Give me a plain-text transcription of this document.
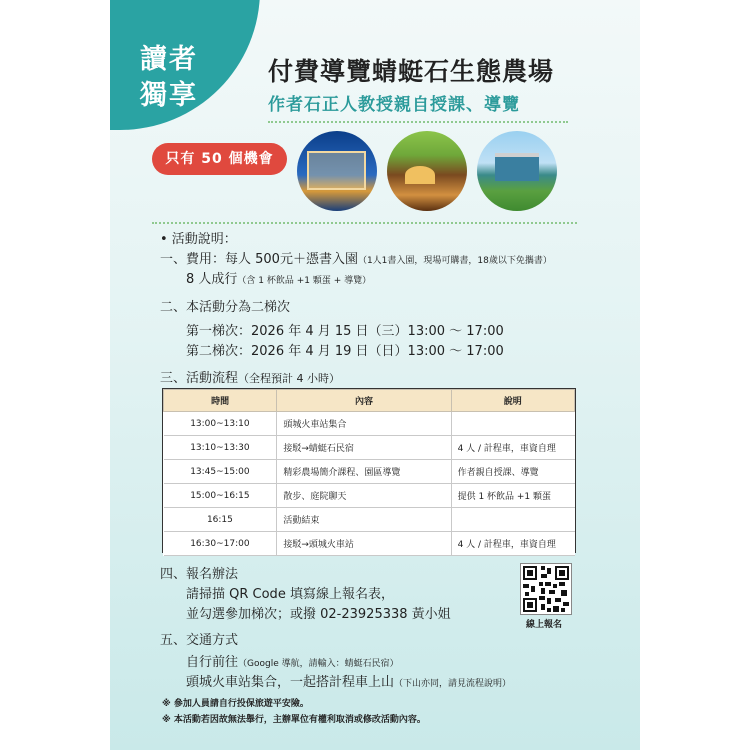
讀者
獨享
付費導覽蜻蜓石生態農場
作者石正人教授親自授課、導覽
只有 50 個機會
• 活動說明：
一、費用：每人 500元＋憑書入園（1人1書入園，現場可購書，18歲以下免攜書）
8 人成行（含 1 杯飲品 +1 顆蛋 + 導覽）
二、本活動分為二梯次
第一梯次：2026 年 4 月 15 日（三）13:00 〜 17:00
第二梯次：2026 年 4 月 19 日（日）13:00 〜 17:00
三、活動流程（全程預計 4 小時）
時間	內容	說明
13:00~13:10	頭城火車站集合	
13:10~13:30	接駁→蜻蜓石民宿	4 人 / 計程車，車資自理
13:45~15:00	精彩農場簡介課程、園區導覽	作者親自授課、導覽
15:00~16:15	散步、庭院聊天	提供 1 杯飲品 +1 顆蛋
16:15	活動結束	
16:30~17:00	接駁→頭城火車站	4 人 / 計程車，車資自理
四、報名辦法
請掃描 QR Code 填寫線上報名表，
並勾選參加梯次；或撥 02-23925338 黃小姐
線上報名
五、交通方式
自行前往（Google 導航，請輸入：蜻蜓石民宿）
頭城火車站集合，一起搭計程車上山（下山亦同，請見流程說明）
※ 參加人員請自行投保旅遊平安險。
※ 本活動若因故無法舉行，主辦單位有權利取消或修改活動內容。
